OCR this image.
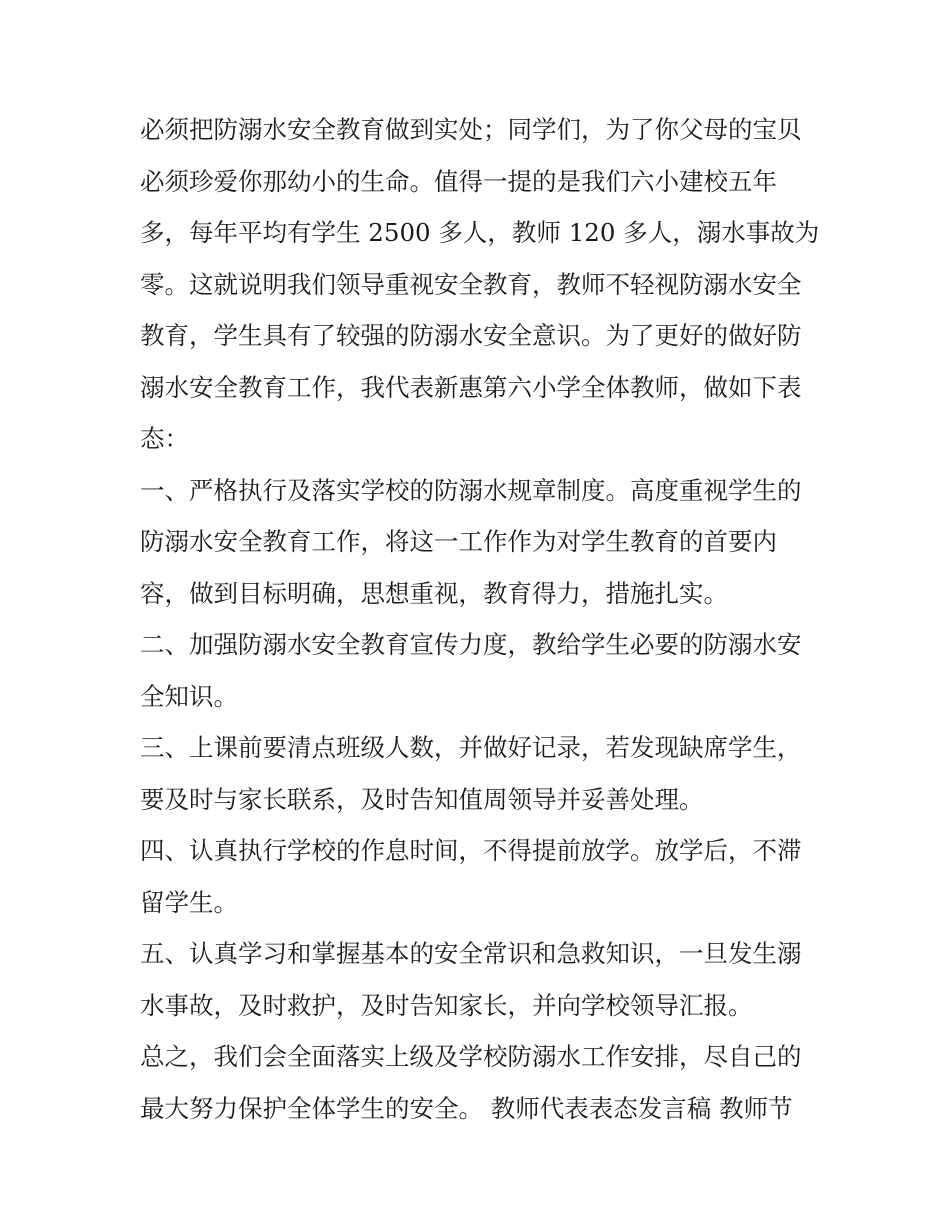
必须把防溺水安全教育做到实处；同学们，为了你父母的宝贝
必须珍爱你那幼小的生命。值得一提的是我们六小建校五年
多，每年平均有学生 2500 多人，教师 120 多人，溺水事故为
零。这就说明我们领导重视安全教育，教师不轻视防溺水安全
教育，学生具有了较强的防溺水安全意识。为了更好的做好防
溺水安全教育工作，我代表新惠第六小学全体教师，做如下表
态：
一、严格执行及落实学校的防溺水规章制度。高度重视学生的
防溺水安全教育工作，将这一工作作为对学生教育的首要内
容，做到目标明确，思想重视，教育得力，措施扎实。
二、加强防溺水安全教育宣传力度，教给学生必要的防溺水安
全知识。
三、上课前要清点班级人数，并做好记录，若发现缺席学生，
要及时与家长联系，及时告知值周领导并妥善处理。
四、认真执行学校的作息时间，不得提前放学。放学后，不滞
留学生。
五、认真学习和掌握基本的安全常识和急救知识，一旦发生溺
水事故，及时救护，及时告知家长，并向学校领导汇报。
总之，我们会全面落实上级及学校防溺水工作安排，尽自己的
最大努力保护全体学生的安全。 教师代表表态发言稿 教师节
